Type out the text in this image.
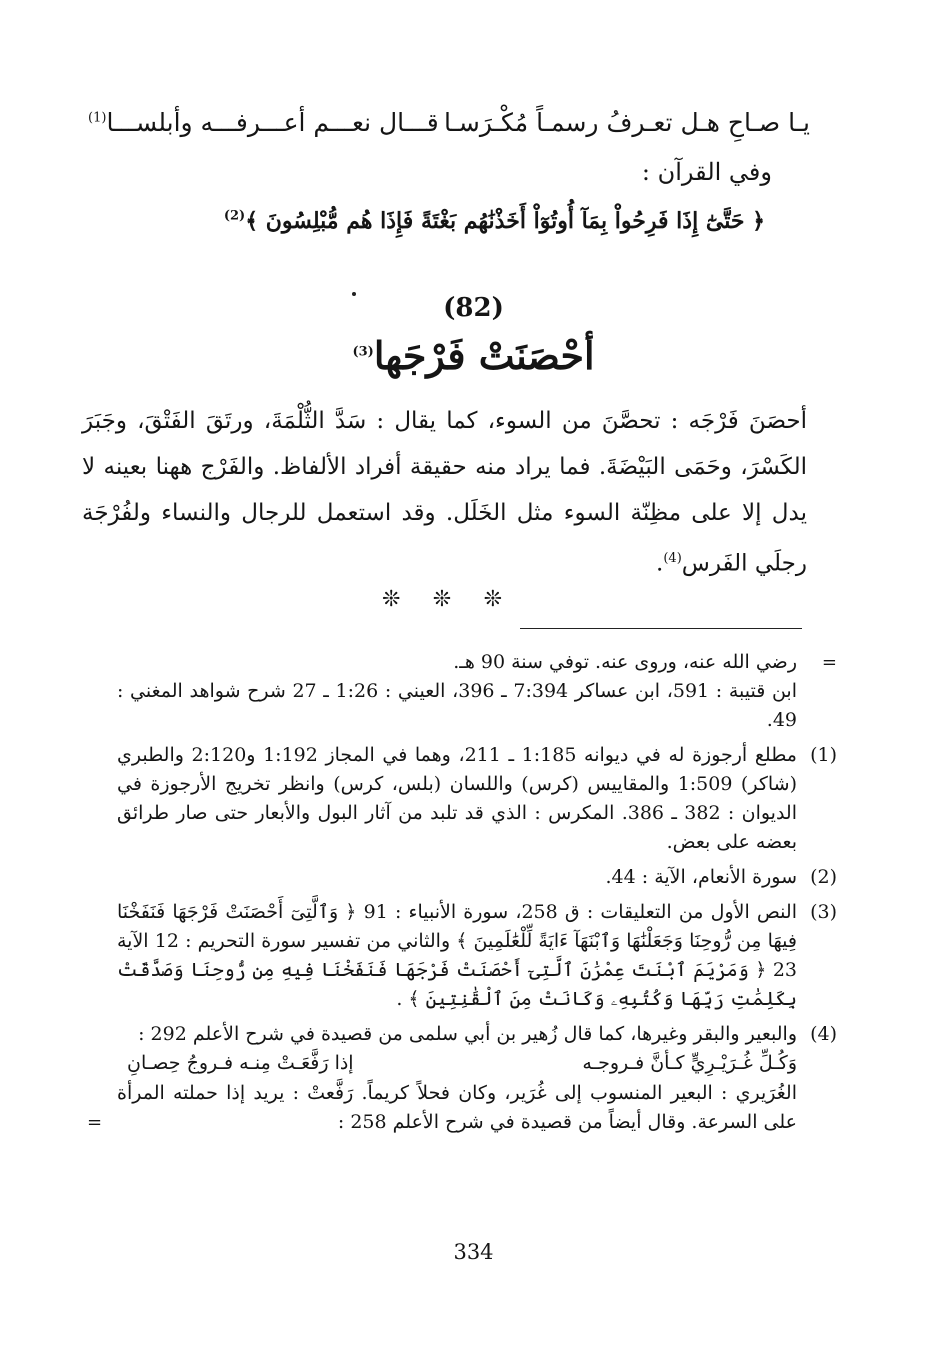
يـا صـاحِ هـل تعـرفُ رسمـاً مُكْـرَسـا
قـــال نعـــم أعـــرفـــه وأبلســـا$^{(1)}$
وفي القرآن :
﴿ حَتَّىٰٓ إِذَا فَرِحُواْ بِمَآ أُوتُوٓاْ أَخَذْنَٰهُم بَغْتَةً فَإِذَا هُم مُّبْلِسُونَ ﴾$^{(2)}$
(82)
أحْصَنَتْ فَرْجَها$^{(3)}$
أحصَنَ فَرْجَه : تحصَّنَ من السوء، كما يقال : سَدَّ الثُّلْمَةَ، ورتَقَ الفَتْقَ، وجَبَرَ الكَسْرَ، وحَمَى البَيْضَةَ. فما يراد منه حقيقة أفراد الألفاظ. والفَرْج ههنا بعينه لا يدل إلا على مظِنّة السوء مثل الخَلَل. وقد استعمل للرجال والنساء ولفُرْجَة رجلَي الفَرس$^{(4)}$.
❊ ❊ ❊
=
رضي الله عنه، وروى عنه. توفي سنة 90 هـ.
ابن قتيبة : 591، ابن عساكر 7:394 ـ 396، العيني : 1:26 ـ 27 شرح شواهد المغني : 49.
(1)
مطلع أرجوزة له في ديوانه 1:185 ـ 211، وهما في المجاز 1:192 و2:120 والطبري (شاكر) 1:509 والمقاييس (كرس) واللسان (بلس، كرس) وانظر تخريج الأرجوزة في الديوان : 382 ـ 386. المكرس : الذي قد تلبد من آثار البول والأبعار حتى صار طرائق بعضه على بعض.
(2)
سورة الأنعام، الآية : 44.
(3)
النص الأول من التعليقات : ق 258، سورة الأنبياء : 91 ﴿ وَٱلَّتِىٓ أَحْصَنَتْ فَرْجَهَا فَنَفَخْنَا فِيهَا مِن رُّوحِنَا وَجَعَلْنَٰهَا وَٱبْنَهَآ ءَايَةً لِّلْعَٰلَمِينَ ﴾ والثاني من تفسير سورة التحريم : 12 الآية 23 ﴿ وَمَرْيَمَ ٱبْنَتَ عِمْرَٰنَ ٱلَّتِىٓ أَحْصَنَتْ فَرْجَهَا فَنَفَخْنَا فِيهِ مِن رُّوحِنَا وَصَدَّقَتْ بِكَلِمَٰتِ رَبِّهَا وَكُتُبِهِۦ وَكَانَتْ مِنَ ٱلْقَٰنِتِينَ ﴾ .
(4)
والبعير والبقر وغيرها، كما قال زُهير بن أبي سلمى من قصيدة في شرح الأعلم 292 :
وَكُـلِّ غُـرَيْـرِيٍّ كـأنَّ فـروجـه
إذا رَفَّعَـتْ مِنـه فـروجُ حِصـانِ
الغُرَيري : البعير المنسوب إلى غُرَير، وكان فحلاً كريماً. رَفَّعتْ : يريد إذا حملته المرأة على السرعة. وقال أيضاً من قصيدة في شرح الأعلم 258 :
=
334
